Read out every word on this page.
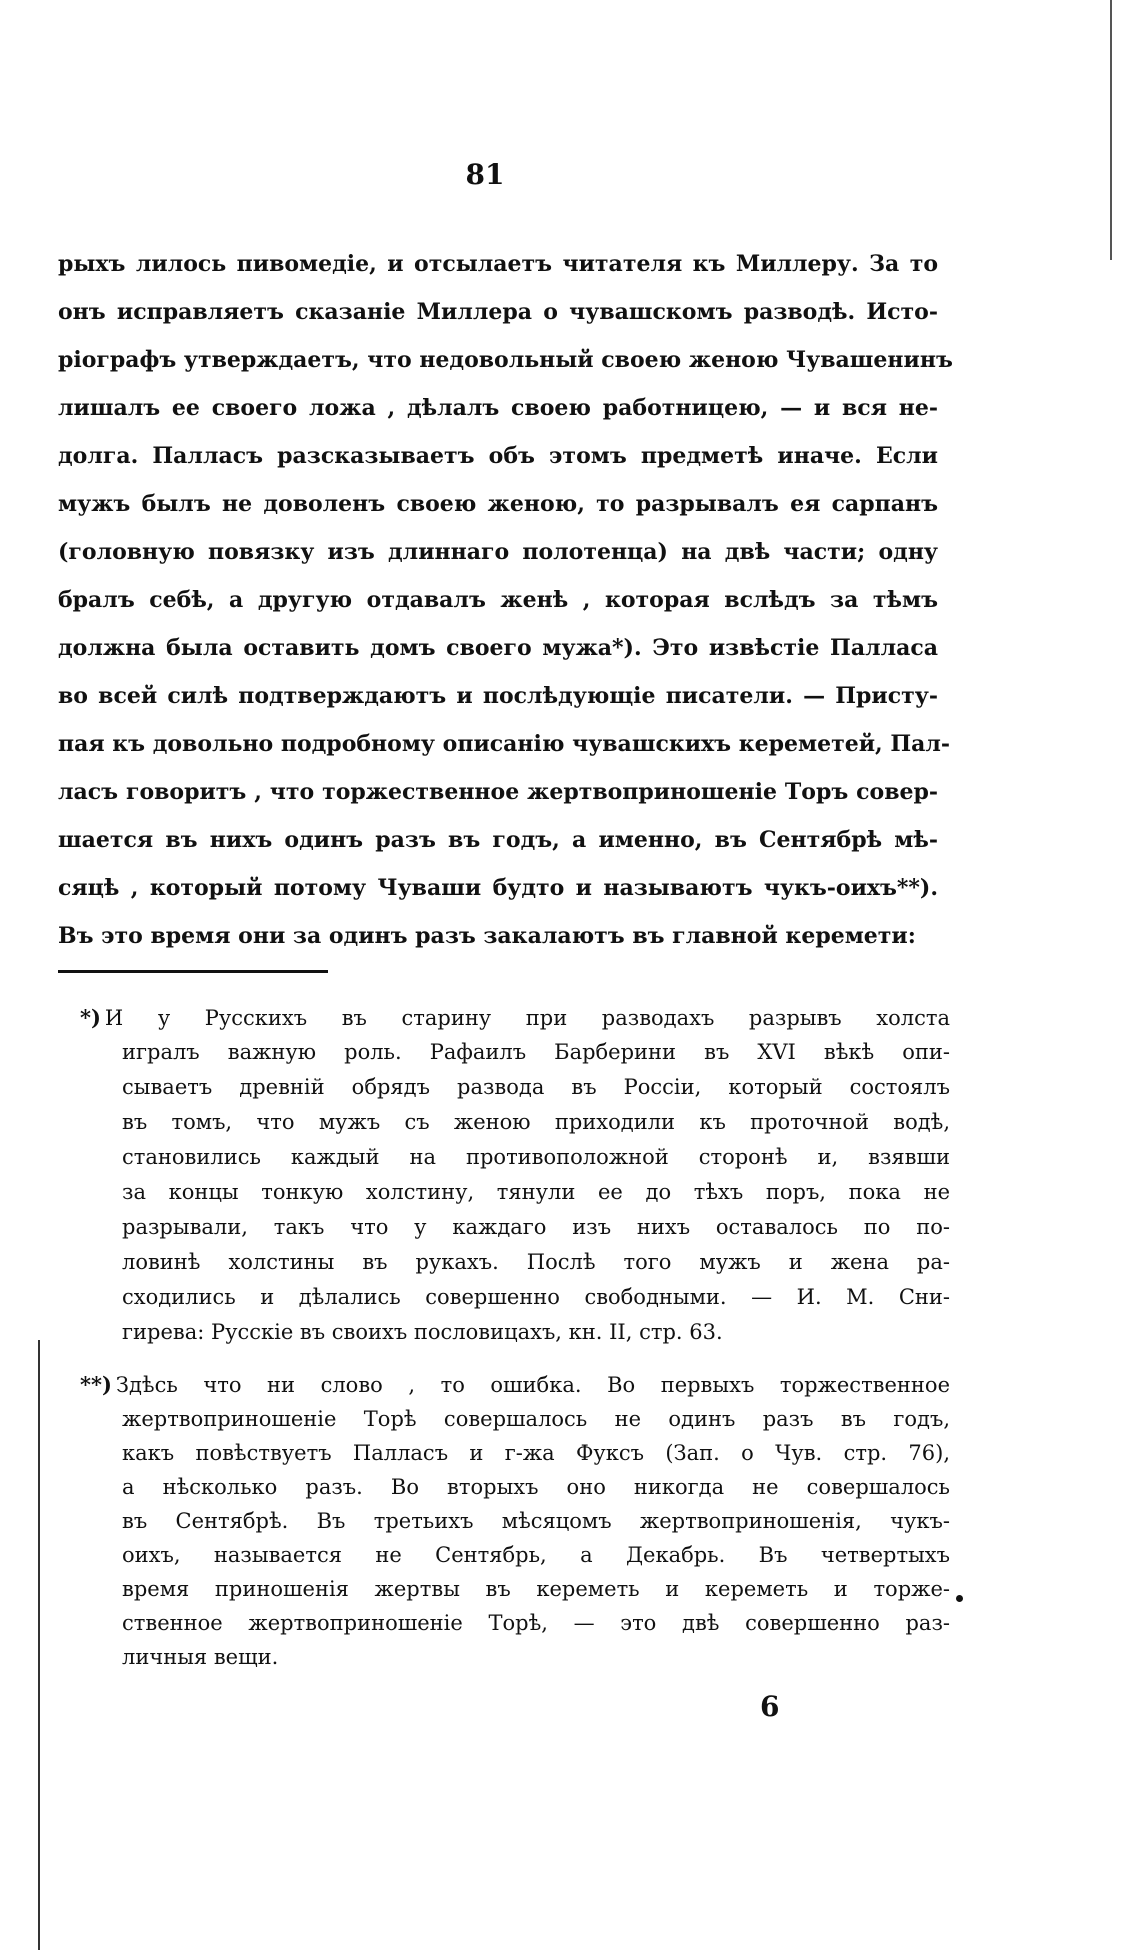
81
рыхъ лилось пивомедіе, и отсылаетъ читателя къ Миллеру. За то
онъ исправляетъ сказаніе Миллера о чувашскомъ разводѣ. Исто-
ріографъ утверждаетъ, что недовольный своею женою Чувашенинъ
лишалъ ее своего ложа , дѣлалъ своею работницею, — и вся не-
долга. Палласъ разсказываетъ объ этомъ предметѣ иначе. Если
мужъ былъ не доволенъ своею женою, то разрывалъ ея сарпанъ
(головную повязку изъ длиннаго полотенца) на двѣ части; одну
бралъ себѣ, а другую отдавалъ женѣ , которая вслѣдъ за тѣмъ
должна была оставить домъ своего мужа*). Это извѣстіе Палласа
во всей силѣ подтверждаютъ и послѣдующіе писатели. — Присту-
пая къ довольно подробному описанію чувашскихъ кереметей, Пал-
ласъ говоритъ , что торжественное жертвоприношеніе Торъ совер-
шается въ нихъ одинъ разъ въ годъ, а именно, въ Сентябрѣ мѣ-
сяцѣ , который потому Чуваши будто и называютъ чукъ-оихъ**).
Въ это время они за одинъ разъ закалаютъ въ главной керемети:
*) И у Русскихъ въ старину при разводахъ разрывъ холста
игралъ важную роль. Рафаилъ Барберини въ XVI вѣкѣ опи-
сываетъ древній обрядъ развода въ Россіи, который состоялъ
въ томъ, что мужъ съ женою приходили къ проточной водѣ,
становились каждый на противоположной сторонѣ и, взявши
за концы тонкую холстину, тянули ее до тѣхъ поръ, пока не
разрывали, такъ что у каждаго изъ нихъ оставалось по по-
ловинѣ холстины въ рукахъ. Послѣ того мужъ и жена ра-
сходились и дѣлались совершенно свободными. — И. М. Сни-
гирева: Русскіе въ своихъ пословицахъ, кн. II, стр. 63.
**) Здѣсь что ни слово , то ошибка. Во первыхъ торжественное
жертвоприношеніе Торѣ совершалось не одинъ разъ въ годъ,
какъ повѣствуетъ Палласъ и г-жа Фуксъ (Зап. о Чув. стр. 76),
а нѣсколько разъ. Во вторыхъ оно никогда не совершалось
въ Сентябрѣ. Въ третьихъ мѣсяцомъ жертвоприношенія, чукъ-
оихъ, называется не Сентябрь, а Декабрь. Въ четвертыхъ
время приношенія жертвы въ кереметь и кереметь и торже-
ственное жертвоприношеніе Торѣ, — это двѣ совершенно раз-
личныя вещи.
6
